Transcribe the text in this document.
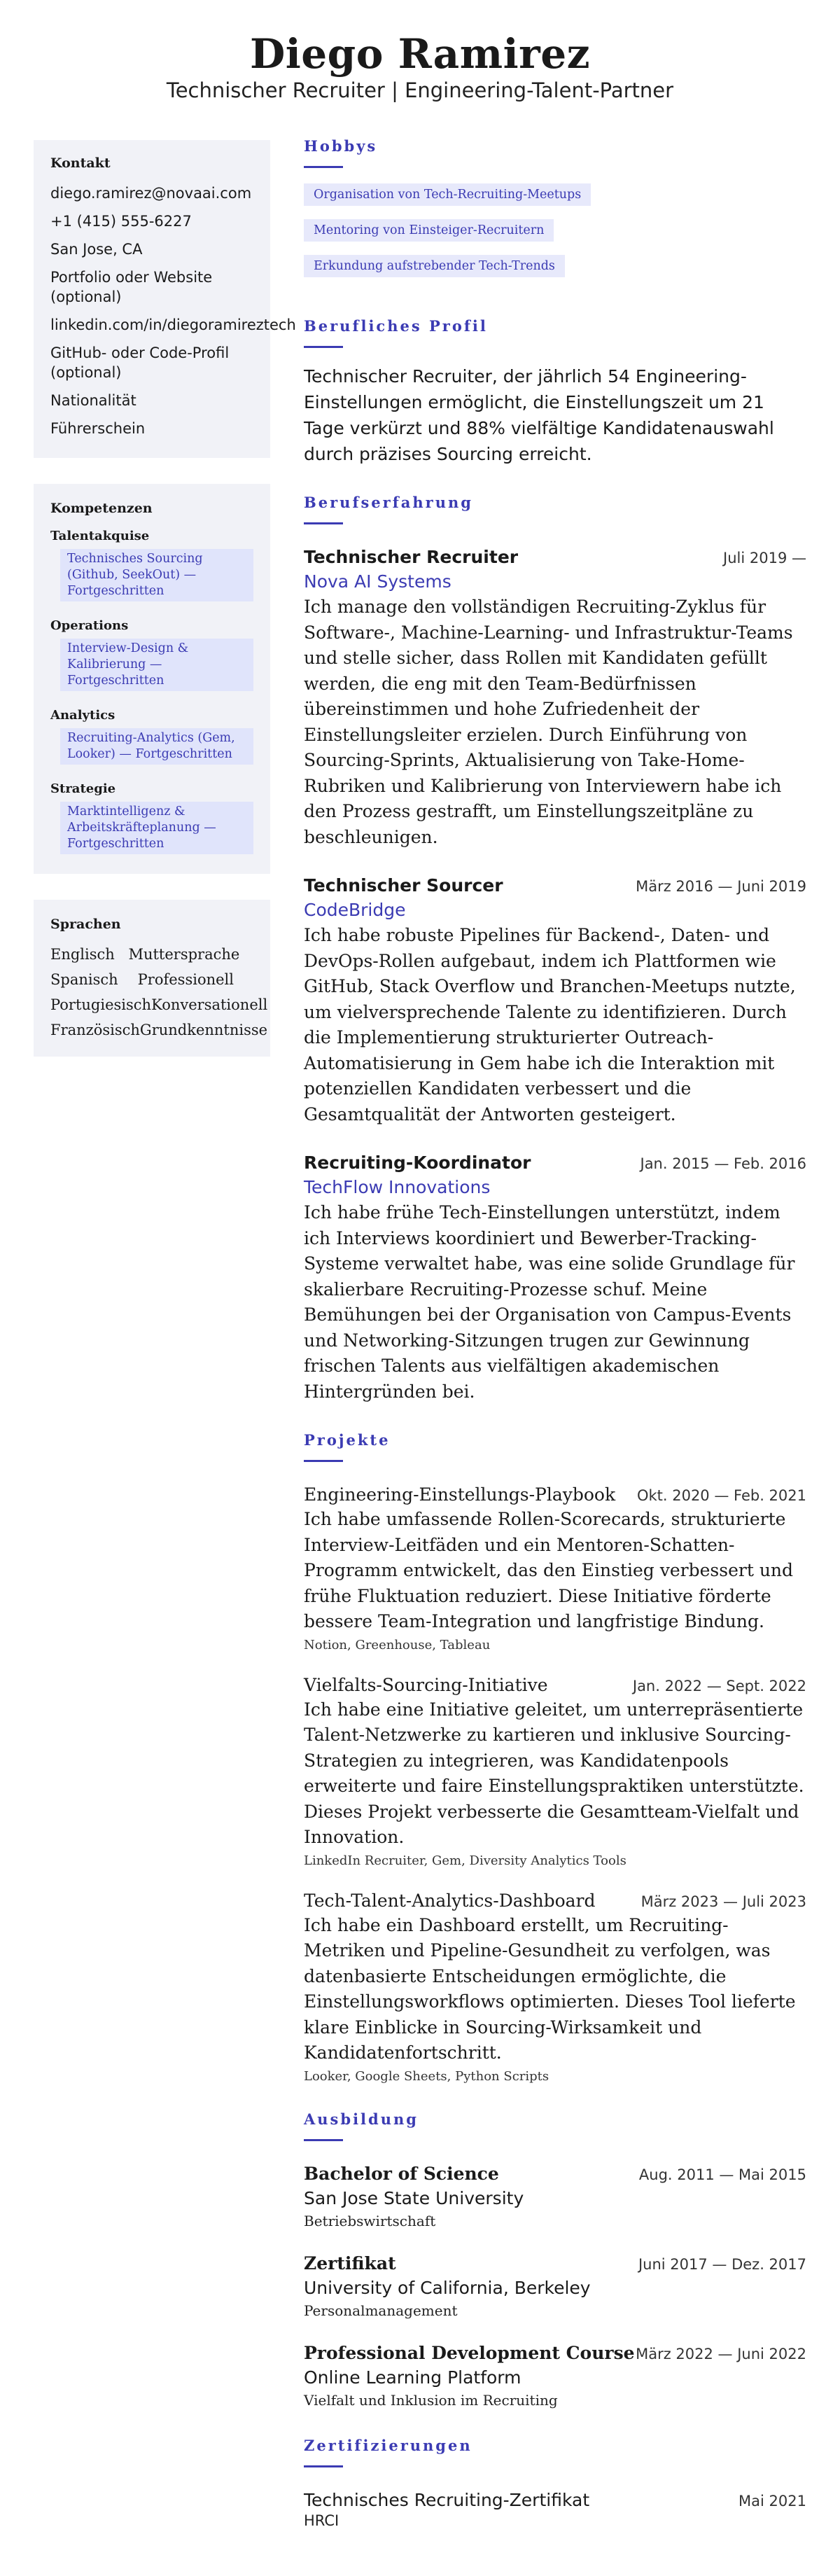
Diego Ramirez
Technischer Recruiter | Engineering-Talent-Partner
Kontakt
diego.ramirez@novaai.com
+1 (415) 555-6227
San Jose, CA
Portfolio oder Website (optional)
linkedin.com/in/diegoramireztech
GitHub- oder Code-Profil (optional)
Nationalität
Führerschein
Kompetenzen
Talentakquise
Technisches Sourcing (Github, SeekOut) — Fortgeschritten
Operations
Interview-Design & Kalibrierung — Fortgeschritten
Analytics
Recruiting-Analytics (Gem, Looker) — Fortgeschritten
Strategie
Marktintelligenz & Arbeitskräfteplanung — Fortgeschritten
Sprachen
Englisch Muttersprache
Spanisch	Professionell
Portugiesisch Konversationell
Französisch Grundkenntnisse
Hobbys
Organisation von Tech-Recruiting-Meetups
Mentoring von Einsteiger-Recruitern
Erkundung aufstrebender Tech-Trends
Berufliches Profil

Technischer Recruiter, der jährlich 54 Engineering-Einstellungen ermöglicht, die Einstellungszeit um 21 Tage verkürzt und 88% vielfältige Kandidatenauswahl durch präzises Sourcing erreicht.

Berufserfahrung
Technischer Recruiter	Juli 2019 —
Nova AI Systems

Ich manage den vollständigen Recruiting-Zyklus für Software-, Machine-Learning- und Infrastruktur-Teams und stelle sicher, dass Rollen mit Kandidaten gefüllt werden, die eng mit den Team-Bedürfnissen übereinstimmen und hohe Zufriedenheit der Einstellungsleiter erzielen. Durch Einführung von Sourcing-Sprints, Aktualisierung von Take-Home-Rubriken und Kalibrierung von Interviewern habe ich den Prozess gestrafft, um Einstellungszeitpläne zu beschleunigen.

Technischer Sourcer	März 2016 — Juni 2019
CodeBridge

Ich habe robuste Pipelines für Backend-, Daten- und DevOps-Rollen aufgebaut, indem ich Plattformen wie GitHub, Stack Overflow und Branchen-Meetups nutzte, um vielversprechende Talente zu identifizieren. Durch die Implementierung strukturierter Outreach-Automatisierung in Gem habe ich die Interaktion mit potenziellen Kandidaten verbessert und die Gesamtqualität der Antworten gesteigert.

Recruiting-Koordinator	Jan. 2015 — Feb. 2016
TechFlow Innovations

Ich habe frühe Tech-Einstellungen unterstützt, indem ich Interviews koordiniert und Bewerber-Tracking-Systeme verwaltet habe, was eine solide Grundlage für skalierbare Recruiting-Prozesse schuf. Meine Bemühungen bei der Organisation von Campus-Events und Networking-Sitzungen trugen zur Gewinnung frischen Talents aus vielfältigen akademischen Hintergründen bei.

Projekte
Engineering-Einstellungs-Playbook Okt. 2020 — Feb. 2021

Ich habe umfassende Rollen-Scorecards, strukturierte Interview-Leitfäden und ein Mentoren-Schatten-Programm entwickelt, das den Einstieg verbessert und frühe Fluktuation reduziert. Diese Initiative förderte bessere Team-Integration und langfristige Bindung.

Notion, Greenhouse, Tableau
Vielfalts-Sourcing-Initiative	Jan. 2022 — Sept. 2022

Ich habe eine Initiative geleitet, um unterrepräsentierte Talent-Netzwerke zu kartieren und inklusive Sourcing-Strategien zu integrieren, was Kandidatenpools erweiterte und faire Einstellungspraktiken unterstützte. Dieses Projekt verbesserte die Gesamtteam-Vielfalt und Innovation.

LinkedIn Recruiter, Gem, Diversity Analytics Tools
Tech-Talent-Analytics-Dashboard	März 2023 — Juli 2023

Ich habe ein Dashboard erstellt, um Recruiting-Metriken und Pipeline-Gesundheit zu verfolgen, was datenbasierte Entscheidungen ermöglichte, die Einstellungsworkflows optimierten. Dieses Tool lieferte klare Einblicke in Sourcing-Wirksamkeit und Kandidatenfortschritt.

Looker, Google Sheets, Python Scripts
Ausbildung
Bachelor of Science	Aug. 2011 — Mai 2015
San Jose State University
Betriebswirtschaft
Zertifikat	Juni 2017 — Dez. 2017
University of California, Berkeley
Personalmanagement
Professional Development Course März 2022 — Juni 2022
Online Learning Platform
Vielfalt und Inklusion im Recruiting
Zertifizierungen
Technisches Recruiting-Zertifikat	Mai 2021
HRCI
